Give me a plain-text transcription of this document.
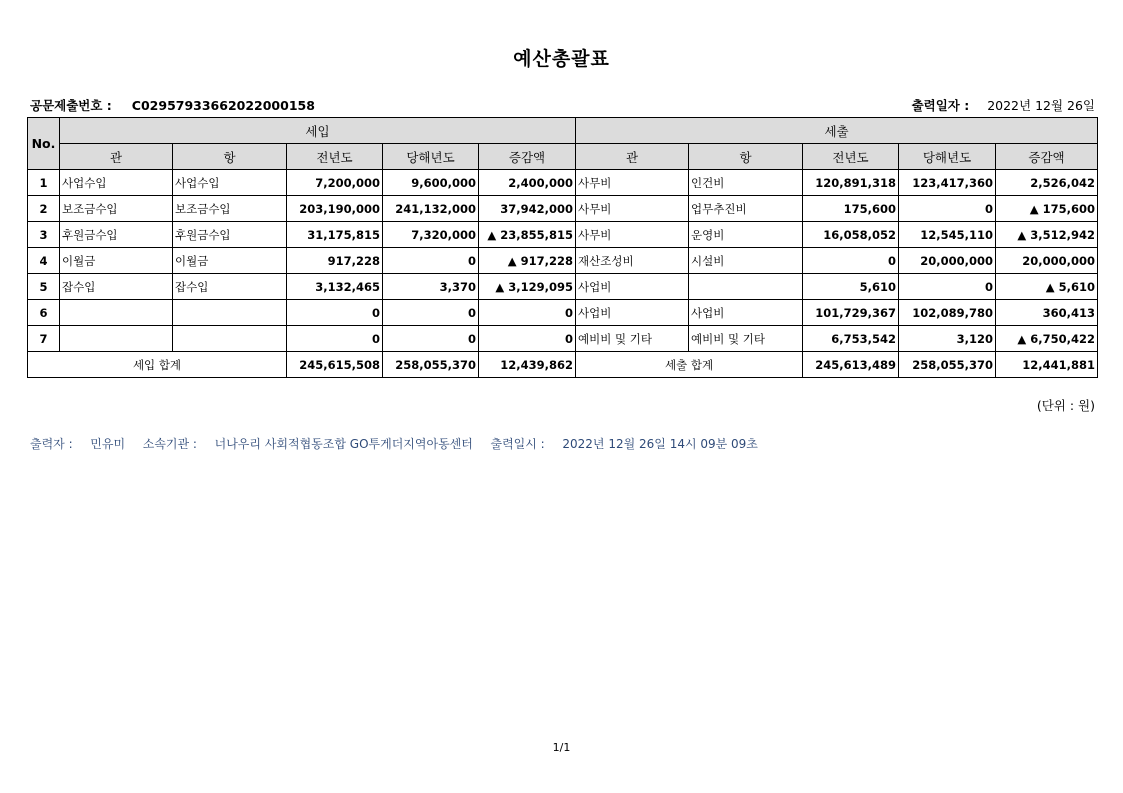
예산총괄표
공문제출번호 : C02957933662022000158	출력일자 : 2022년 12월 26일
No.	세입					세출				
	관	항	전년도	당해년도	증감액	관	항	전년도	당해년도	증감액
1	사업수입	사업수입	7,200,000	9,600,000	2,400,000	사무비	인건비	120,891,318	123,417,360	2,526,042
2	보조금수입	보조금수입	203,190,000	241,132,000	37,942,000	사무비	업무추진비	175,600	0	▲ 175,600
3	후원금수입	후원금수입	31,175,815	7,320,000	▲ 23,855,815	사무비	운영비	16,058,052	12,545,110	▲ 3,512,942
4	이월금	이월금	917,228	0	▲ 917,228	재산조성비	시설비	0	20,000,000	20,000,000
5	잡수입	잡수입	3,132,465	3,370	▲ 3,129,095	사업비		5,610	0	▲ 5,610
6			0	0	0	사업비	사업비	101,729,367	102,089,780	360,413
7			0	0	0	예비비 및 기타	예비비 및 기타	6,753,542	3,120	▲ 6,750,422
세입 합계			245,615,508	258,055,370	12,439,862	세출 합계		245,613,489	258,055,370	12,441,881
(단위 : 원)
출력자 : 민유미 소속기관 : 너나우리 사회적협동조합 GO투게더지역아동센터 출력일시 : 2022년 12월 26일 14시 09분 09초
1/1
